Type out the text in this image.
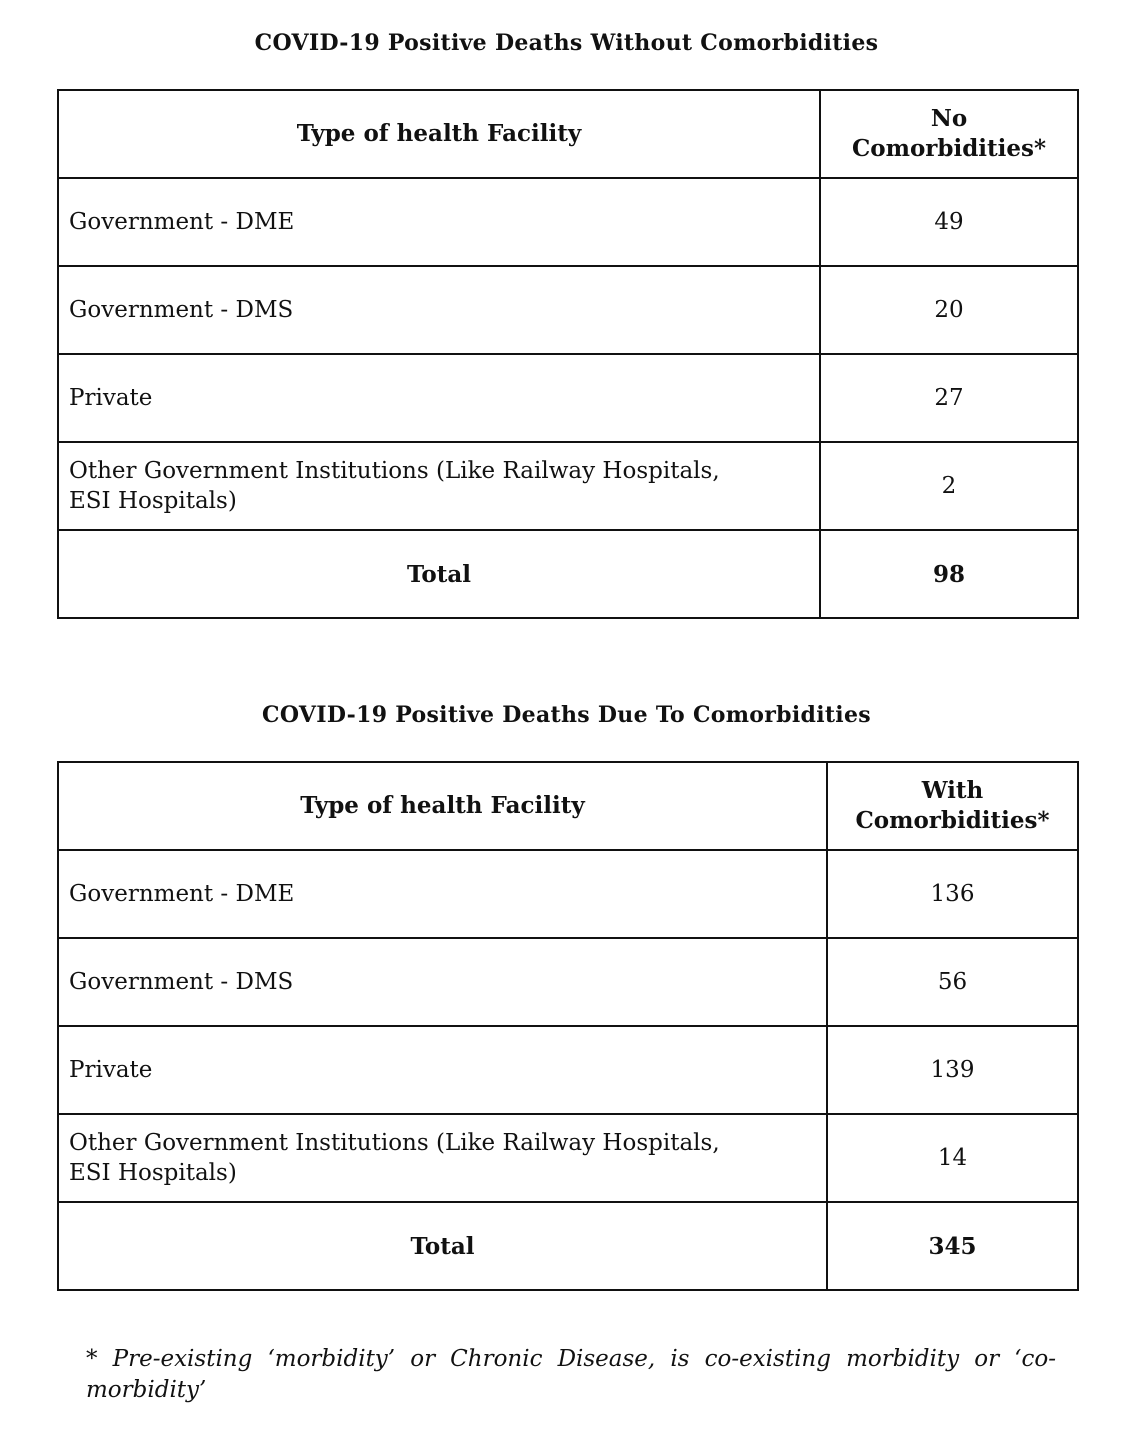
COVID-19 Positive Deaths Without Comorbidities
Type of health Facility	No Comorbidities*

Government - DME	49
Government - DMS	20
Private	27

Other Government Institutions (Like Railway Hospitals, ESI Hospitals)	2
Total	98
COVID-19 Positive Deaths Due To Comorbidities
Type of health Facility	With Comorbidities*

Government - DME	136
Government - DMS	56
Private	139

Other Government Institutions (Like Railway Hospitals, ESI Hospitals)	14
Total	345
* Pre-existing ‘morbidity’ or Chronic Disease, is co-existing morbidity or ‘co-morbidity’
